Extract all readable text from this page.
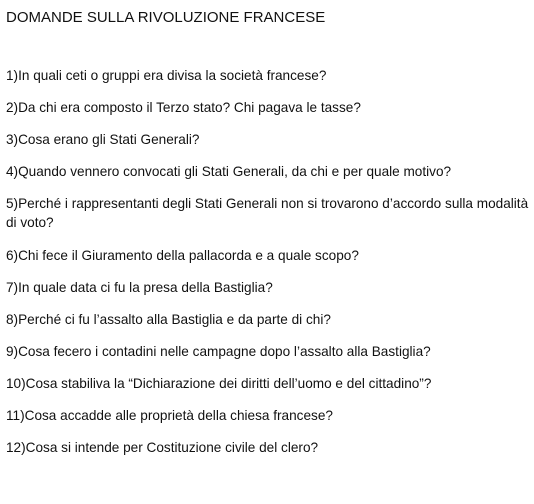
DOMANDE SULLA RIVOLUZIONE FRANCESE
1)In quali ceti o gruppi era divisa la società francese?
2)Da chi era composto il Terzo stato? Chi pagava le tasse?
3)Cosa erano gli Stati Generali?
4)Quando vennero convocati gli Stati Generali, da chi e per quale motivo?
5)Perché i rappresentanti degli Stati Generali non si trovarono d’accordo sulla modalità di voto?
6)Chi fece il Giuramento della pallacorda e a quale scopo?
7)In quale data ci fu la presa della Bastiglia?
8)Perché ci fu l’assalto alla Bastiglia e da parte di chi?
9)Cosa fecero i contadini nelle campagne dopo l’assalto alla Bastiglia?
10)Cosa stabiliva la “Dichiarazione dei diritti dell’uomo e del cittadino”?
11)Cosa accadde alle proprietà della chiesa francese?
12)Cosa si intende per Costituzione civile del clero?
